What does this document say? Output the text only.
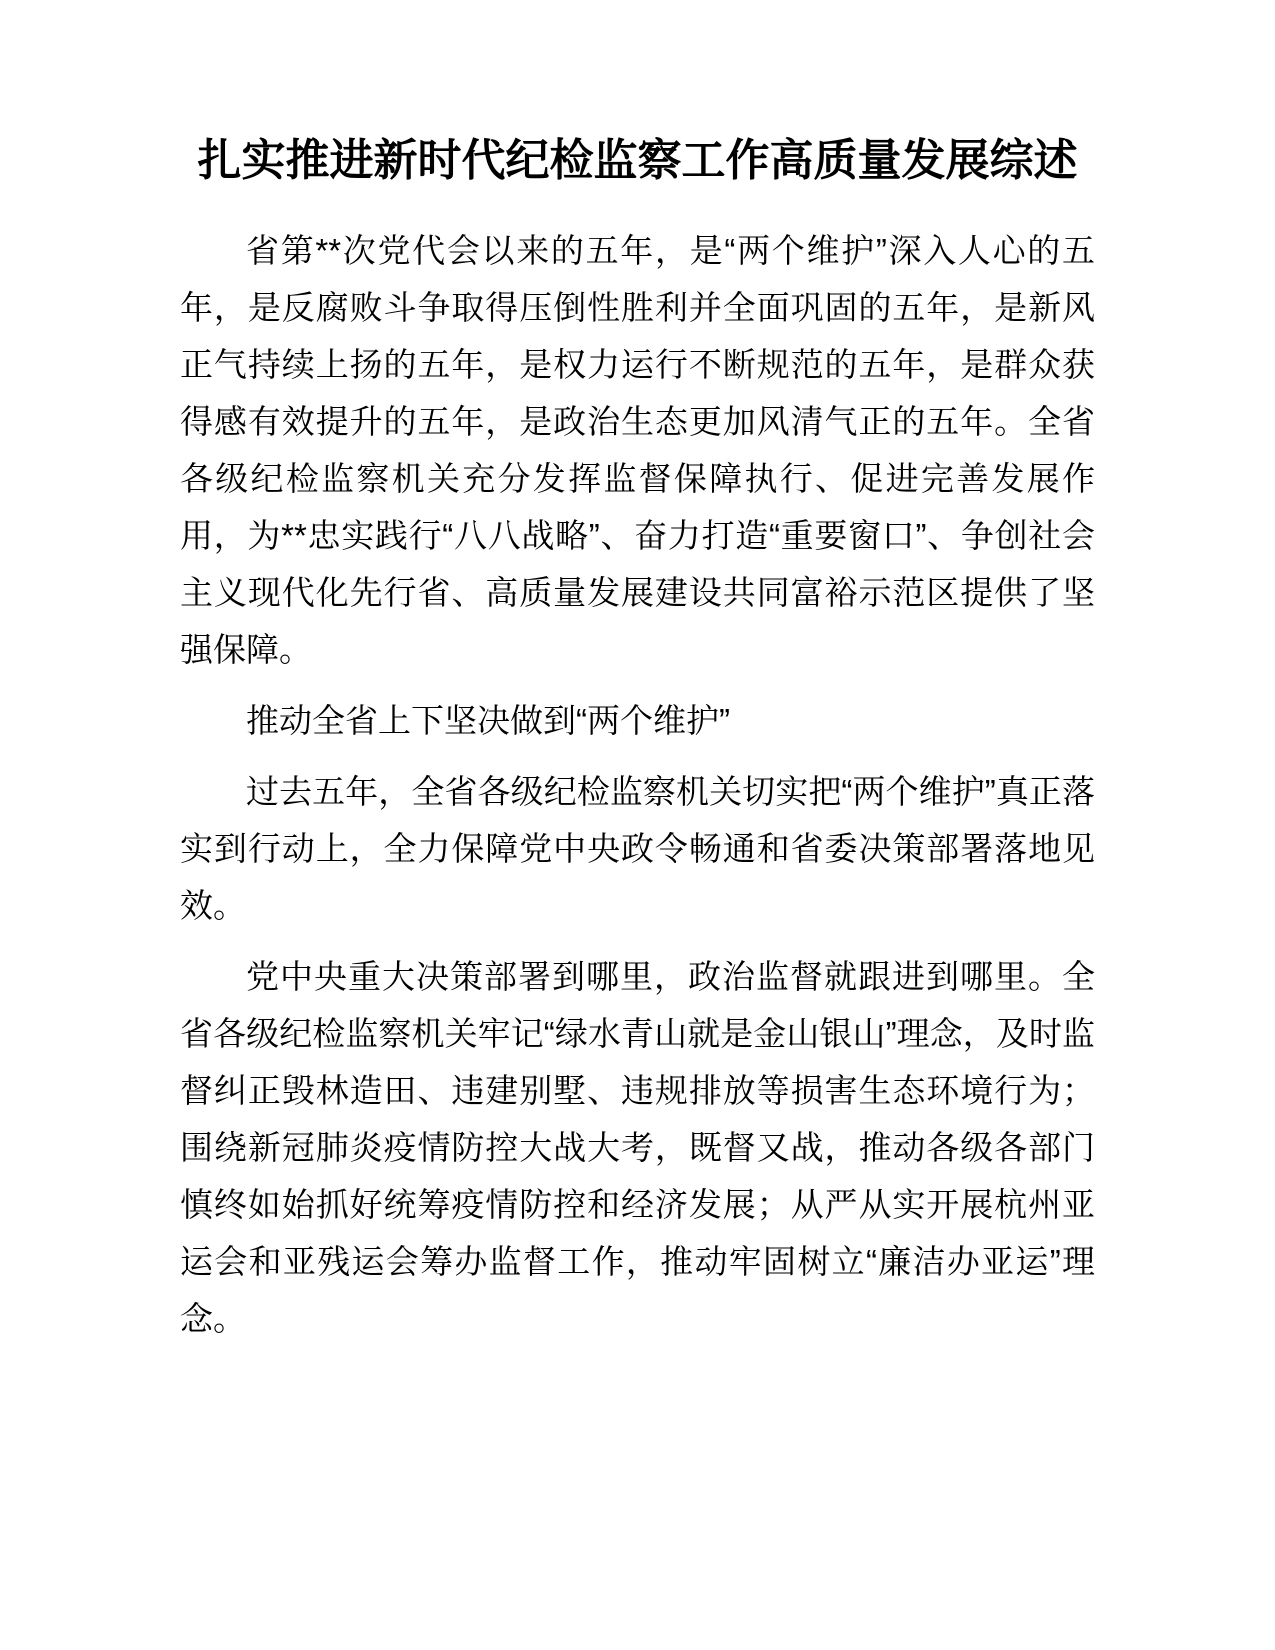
扎实推进新时代纪检监察工作高质量发展综述

省第**次党代会以来的五年，是“两个维护”深入人心的五年，是反腐败斗争取得压倒性胜利并全面巩固的五年，是新风正气持续上扬的五年，是权力运行不断规范的五年，是群众获得感有效提升的五年，是政治生态更加风清气正的五年。全省各级纪检监察机关充分发挥监督保障执行、促进完善发展作用，为**忠实践行“八八战略”、奋力打造“重要窗口”、争创社会主义现代化先行省、高质量发展建设共同富裕示范区提供了坚强保障。

推动全省上下坚决做到“两个维护”

过去五年，全省各级纪检监察机关切实把“两个维护”真正落实到行动上，全力保障党中央政令畅通和省委决策部署落地见效。

党中央重大决策部署到哪里，政治监督就跟进到哪里。全省各级纪检监察机关牢记“绿水青山就是金山银山”理念，及时监督纠正毁林造田、违建别墅、违规排放等损害生态环境行为；围绕新冠肺炎疫情防控大战大考，既督又战，推动各级各部门慎终如始抓好统筹疫情防控和经济发展；从严从实开展杭州亚运会和亚残运会筹办监督工作，推动牢固树立“廉洁办亚运”理念。
